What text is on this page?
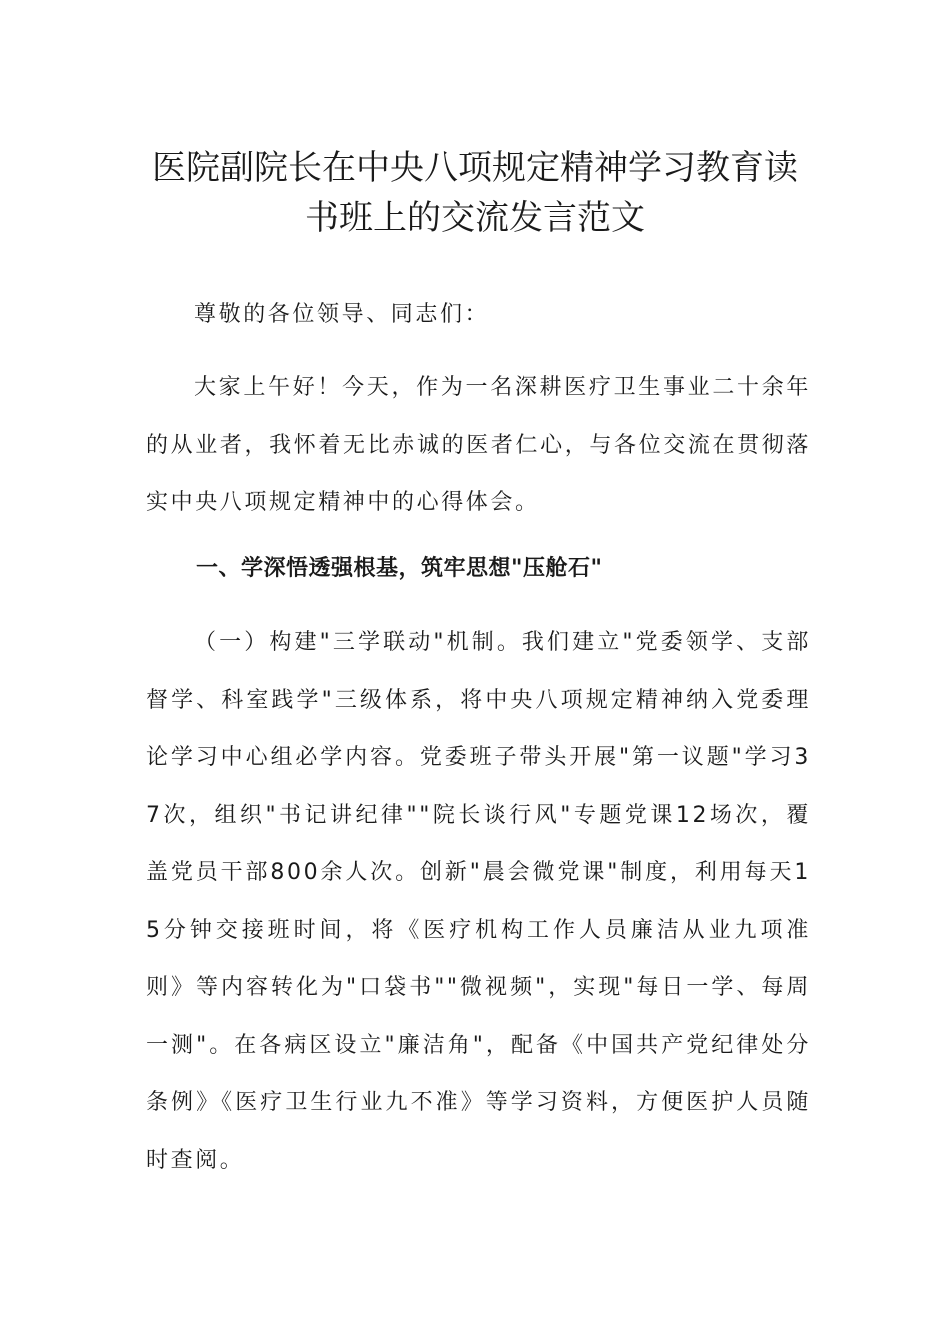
医院副院长在中央八项规定精神学习教育读
书班上的交流发言范文
尊敬的各位领导、同志们：
大家上午好！今天，作为一名深耕医疗卫生事业二十余年的从业者，我怀着无比赤诚的医者仁心，与各位交流在贯彻落实中央八项规定精神中的心得体会。
一、学深悟透强根基，筑牢思想"压舱石"
（一）构建"三学联动"机制。我们建立"党委领学、支部督学、科室践学"三级体系，将中央八项规定精神纳入党委理论学习中心组必学内容。党委班子带头开展"第一议题"学习37次，组织"书记讲纪律""院长谈行风"专题党课12场次，覆盖党员干部800余人次。创新"晨会微党课"制度，利用每天15分钟交接班时间，将《医疗机构工作人员廉洁从业九项准则》等内容转化为"口袋书""微视频"，实现"每日一学、每周一测"。在各病区设立"廉洁角"，配备《中国共产党纪律处分条例》《医疗卫生行业九不准》等学习资料，方便医护人员随时查阅。
